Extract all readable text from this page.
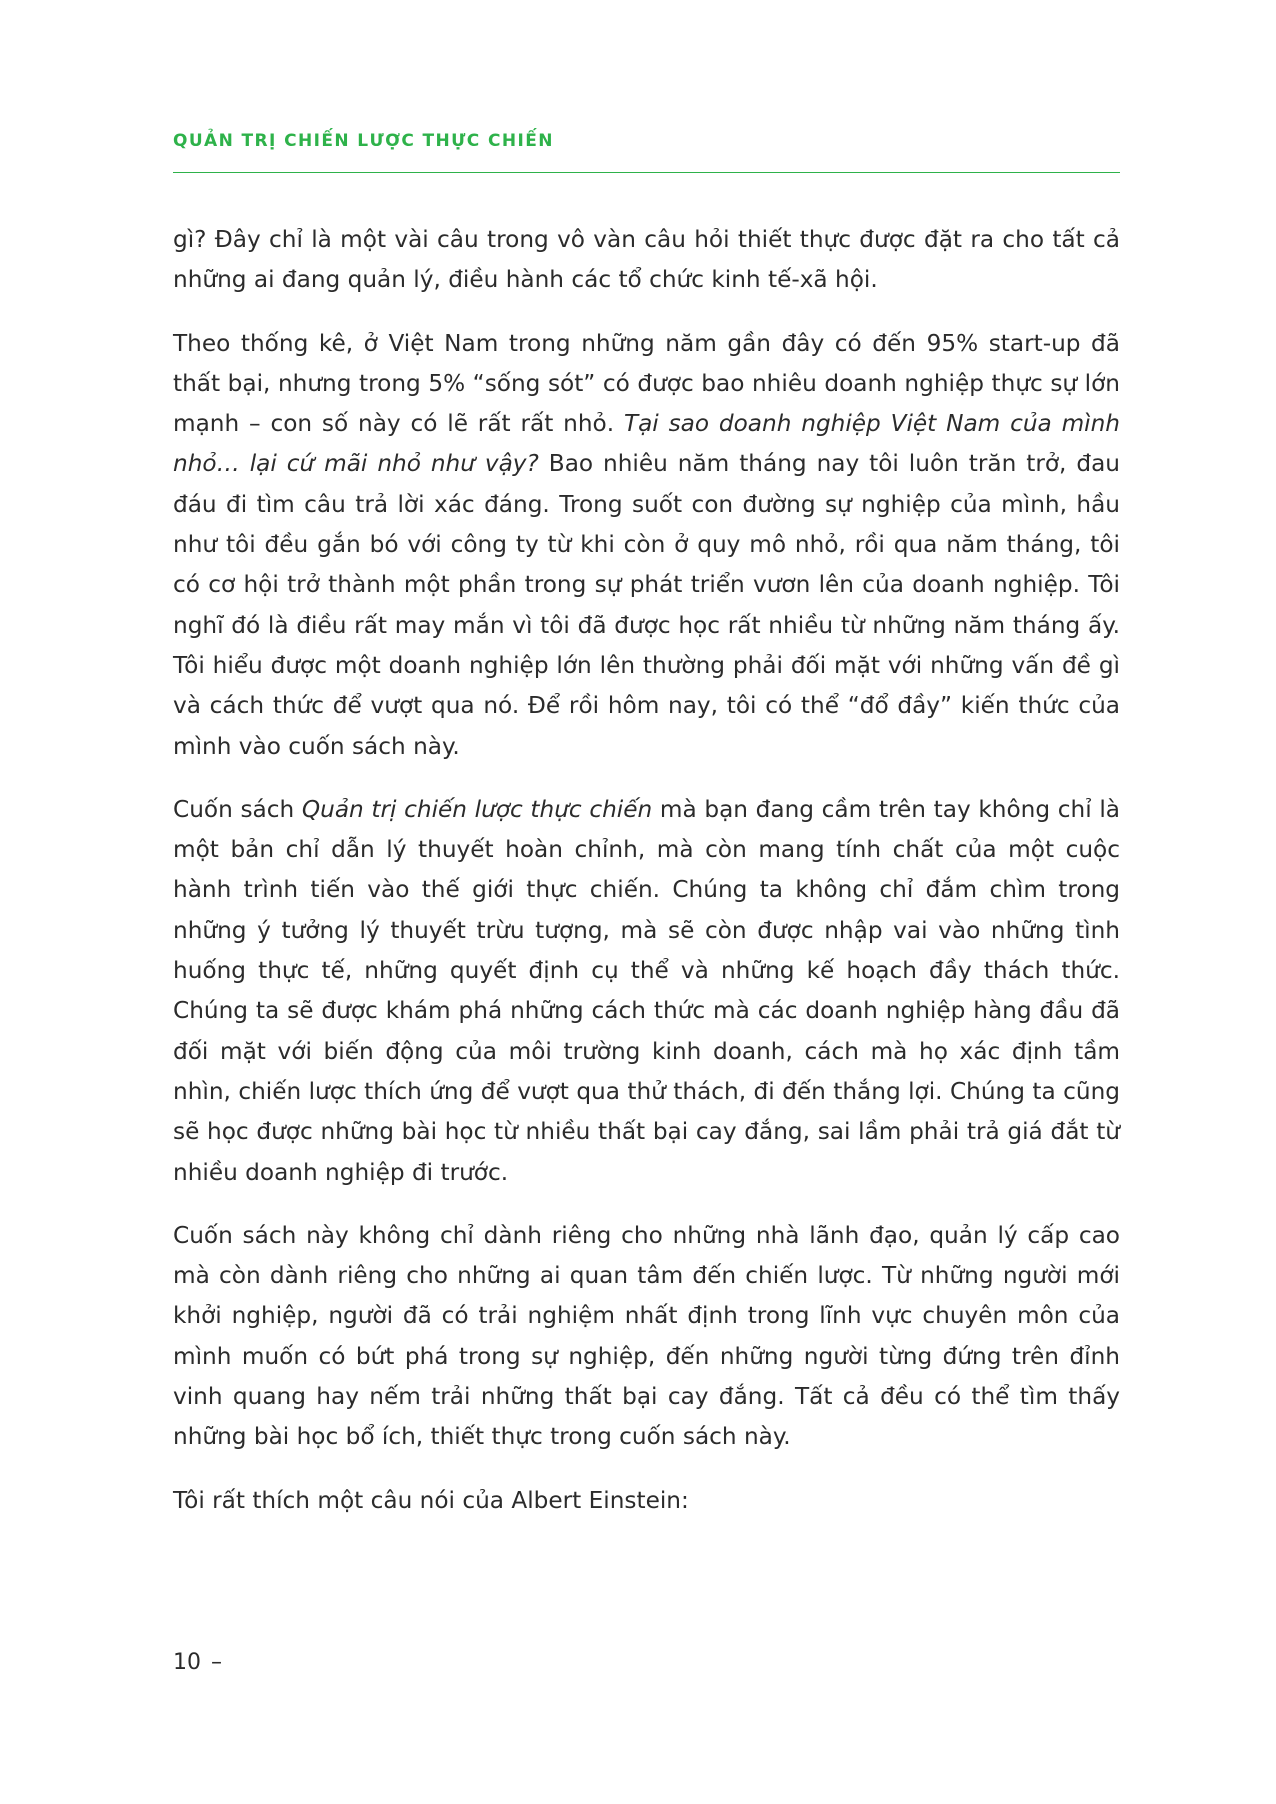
QUẢN TRỊ CHIẾN LƯỢC THỰC CHIẾN

gì? Đây chỉ là một vài câu trong vô vàn câu hỏi thiết thực được đặt ra cho tất cả những ai đang quản lý, điều hành các tổ chức kinh tế-xã hội.

Theo thống kê, ở Việt Nam trong những năm gần đây có đến 95% start-up đã thất bại, nhưng trong 5% “sống sót” có được bao nhiêu doanh nghiệp thực sự lớn mạnh – con số này có lẽ rất rất nhỏ. Tại sao doanh nghiệp Việt Nam của mình nhỏ… lại cứ mãi nhỏ như vậy? Bao nhiêu năm tháng nay tôi luôn trăn trở, đau đáu đi tìm câu trả lời xác đáng. Trong suốt con đường sự nghiệp của mình, hầu như tôi đều gắn bó với công ty từ khi còn ở quy mô nhỏ, rồi qua năm tháng, tôi có cơ hội trở thành một phần trong sự phát triển vươn lên của doanh nghiệp. Tôi nghĩ đó là điều rất may mắn vì tôi đã được học rất nhiều từ những năm tháng ấy. Tôi hiểu được một doanh nghiệp lớn lên thường phải đối mặt với những vấn đề gì và cách thức để vượt qua nó. Để rồi hôm nay, tôi có thể “đổ đầy” kiến thức của mình vào cuốn sách này.

Cuốn sách Quản trị chiến lược thực chiến mà bạn đang cầm trên tay không chỉ là một bản chỉ dẫn lý thuyết hoàn chỉnh, mà còn mang tính chất của một cuộc hành trình tiến vào thế giới thực chiến. Chúng ta không chỉ đắm chìm trong những ý tưởng lý thuyết trừu tượng, mà sẽ còn được nhập vai vào những tình huống thực tế, những quyết định cụ thể và những kế hoạch đầy thách thức. Chúng ta sẽ được khám phá những cách thức mà các doanh nghiệp hàng đầu đã đối mặt với biến động của môi trường kinh doanh, cách mà họ xác định tầm nhìn, chiến lược thích ứng để vượt qua thử thách, đi đến thắng lợi. Chúng ta cũng sẽ học được những bài học từ nhiều thất bại cay đắng, sai lầm phải trả giá đắt từ nhiều doanh nghiệp đi trước.

Cuốn sách này không chỉ dành riêng cho những nhà lãnh đạo, quản lý cấp cao mà còn dành riêng cho những ai quan tâm đến chiến lược. Từ những người mới khởi nghiệp, người đã có trải nghiệm nhất định trong lĩnh vực chuyên môn của mình muốn có bứt phá trong sự nghiệp, đến những người từng đứng trên đỉnh vinh quang hay nếm trải những thất bại cay đắng. Tất cả đều có thể tìm thấy những bài học bổ ích, thiết thực trong cuốn sách này.

Tôi rất thích một câu nói của Albert Einstein:

10 –
